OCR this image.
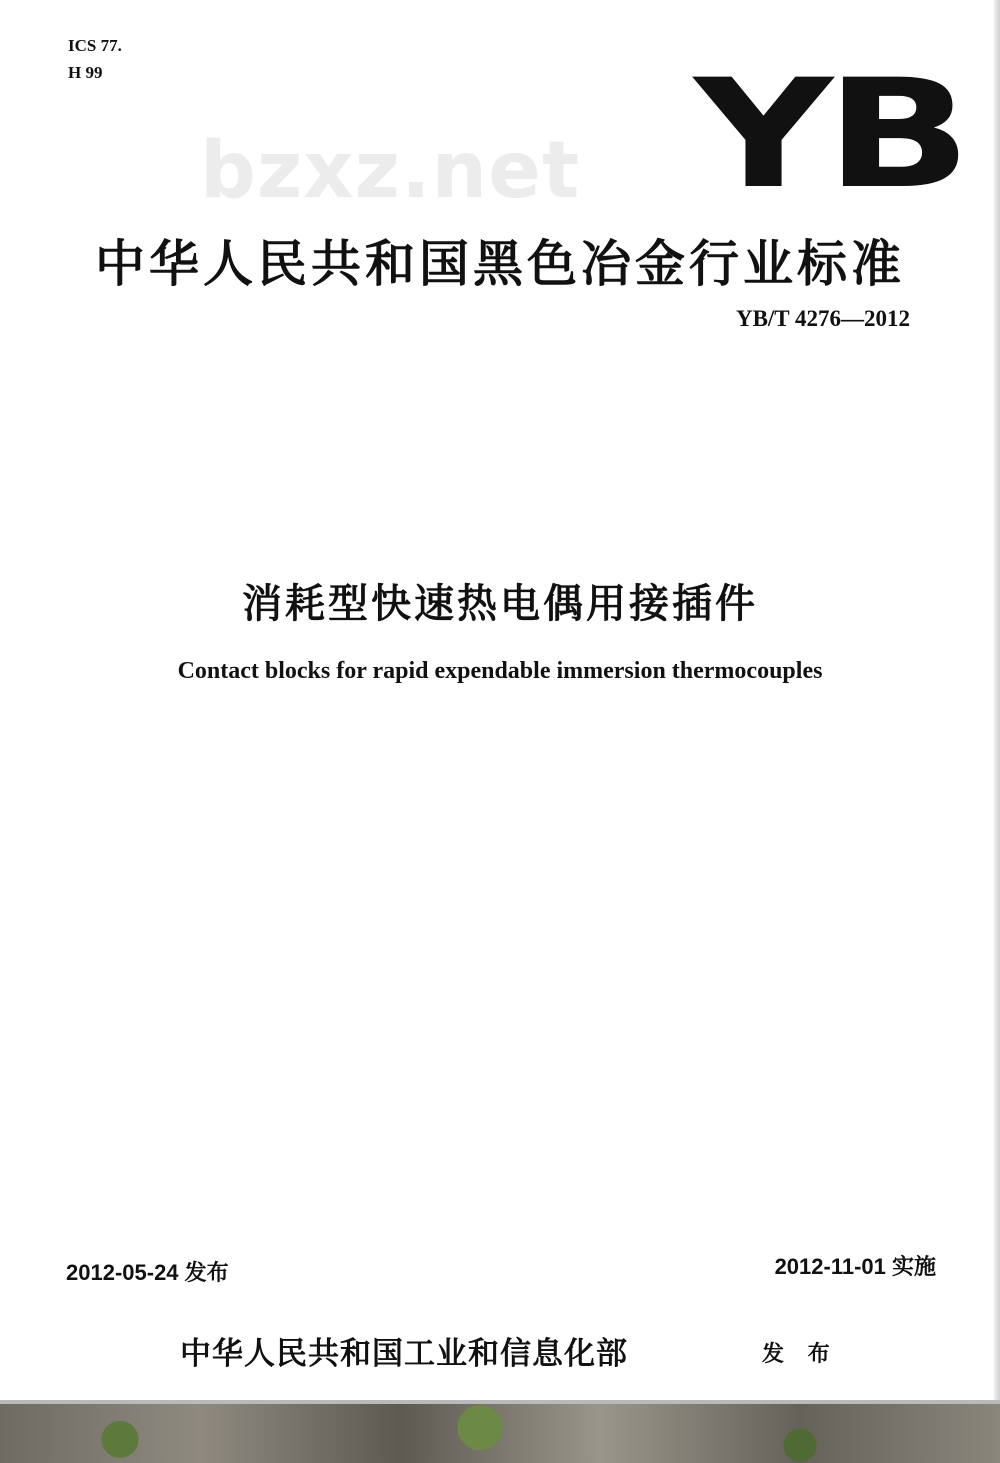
ICS 77.
H 99
bzxz.net YB
中华人民共和国黑色冶金行业标准
YB/T 4276—2012
消耗型快速热电偶用接插件
Contact blocks for rapid expendable immersion thermocouples
2012-05-24 发布	2012-11-01 实施
中华人民共和国工业和信息化部	发 布
